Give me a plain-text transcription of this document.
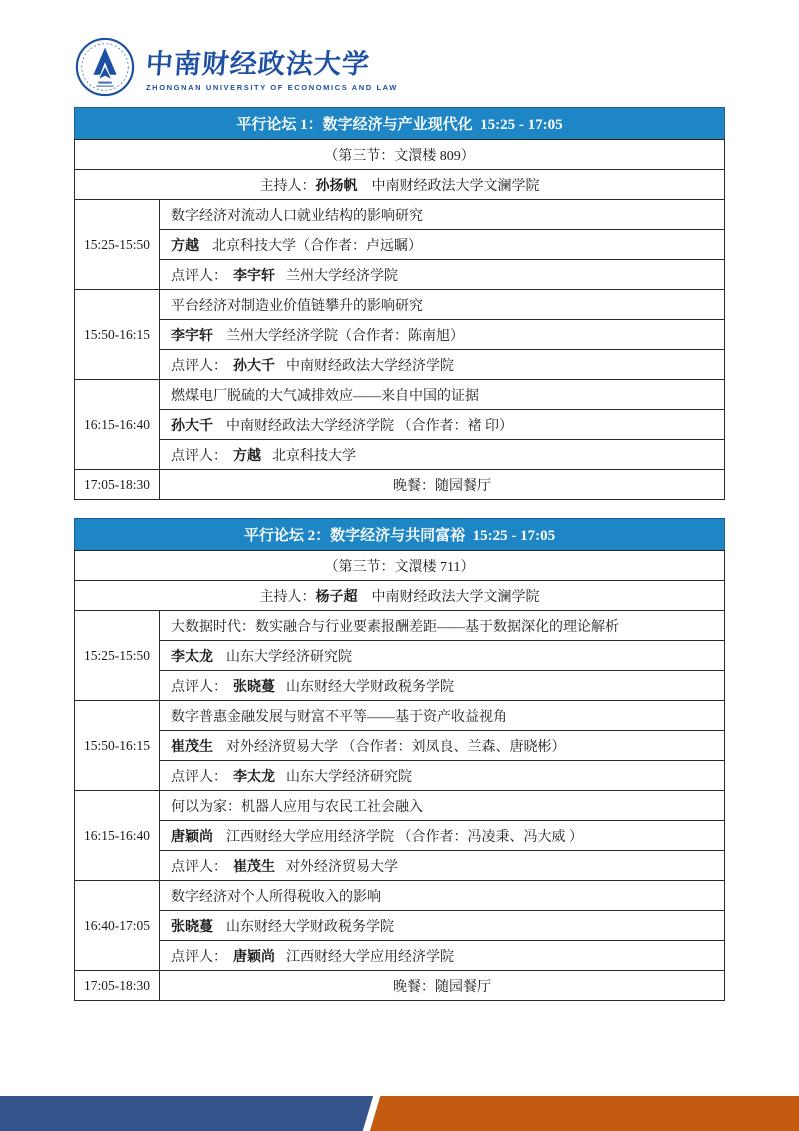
中南财经政法大学
ZHONGNAN UNIVERSITY OF ECONOMICS AND LAW
平行论坛 1：数字经济与产业现代化  15:25 - 17:05	
（第三节：文澴楼 809）	
主持人：孙扬帆 中南财经政法大学文澜学院	
15:25-15:50	数字经济对流动人口就业结构的影响研究
	方越 北京科技大学（合作者：卢远瞩）
	点评人： 李宇轩 兰州大学经济学院
15:50-16:15	平台经济对制造业价值链攀升的影响研究
	李宇轩 兰州大学经济学院（合作者：陈南旭）
	点评人： 孙大千 中南财经政法大学经济学院
16:15-16:40	燃煤电厂脱硫的大气减排效应——来自中国的证据
	孙大千 中南财经政法大学经济学院 （合作者：褚 印）
	点评人： 方越 北京科技大学
17:05-18:30	晚餐：随园餐厅
平行论坛 2：数字经济与共同富裕  15:25 - 17:05	
（第三节：文澴楼 711）	
主持人：杨子超 中南财经政法大学文澜学院	
15:25-15:50	大数据时代：数实融合与行业要素报酬差距——基于数据深化的理论解析
	李太龙 山东大学经济研究院
	点评人： 张晓蔓 山东财经大学财政税务学院
15:50-16:15	数字普惠金融发展与财富不平等——基于资产收益视角
	崔茂生 对外经济贸易大学 （合作者：刘凤良、兰森、唐晓彬）
	点评人： 李太龙 山东大学经济研究院
16:15-16:40	何以为家：机器人应用与农民工社会融入
	唐颖尚 江西财经大学应用经济学院 （合作者：冯凌秉、冯大威 ）
	点评人： 崔茂生 对外经济贸易大学
16:40-17:05	数字经济对个人所得税收入的影响
	张晓蔓 山东财经大学财政税务学院
	点评人： 唐颖尚 江西财经大学应用经济学院
17:05-18:30	晚餐：随园餐厅
